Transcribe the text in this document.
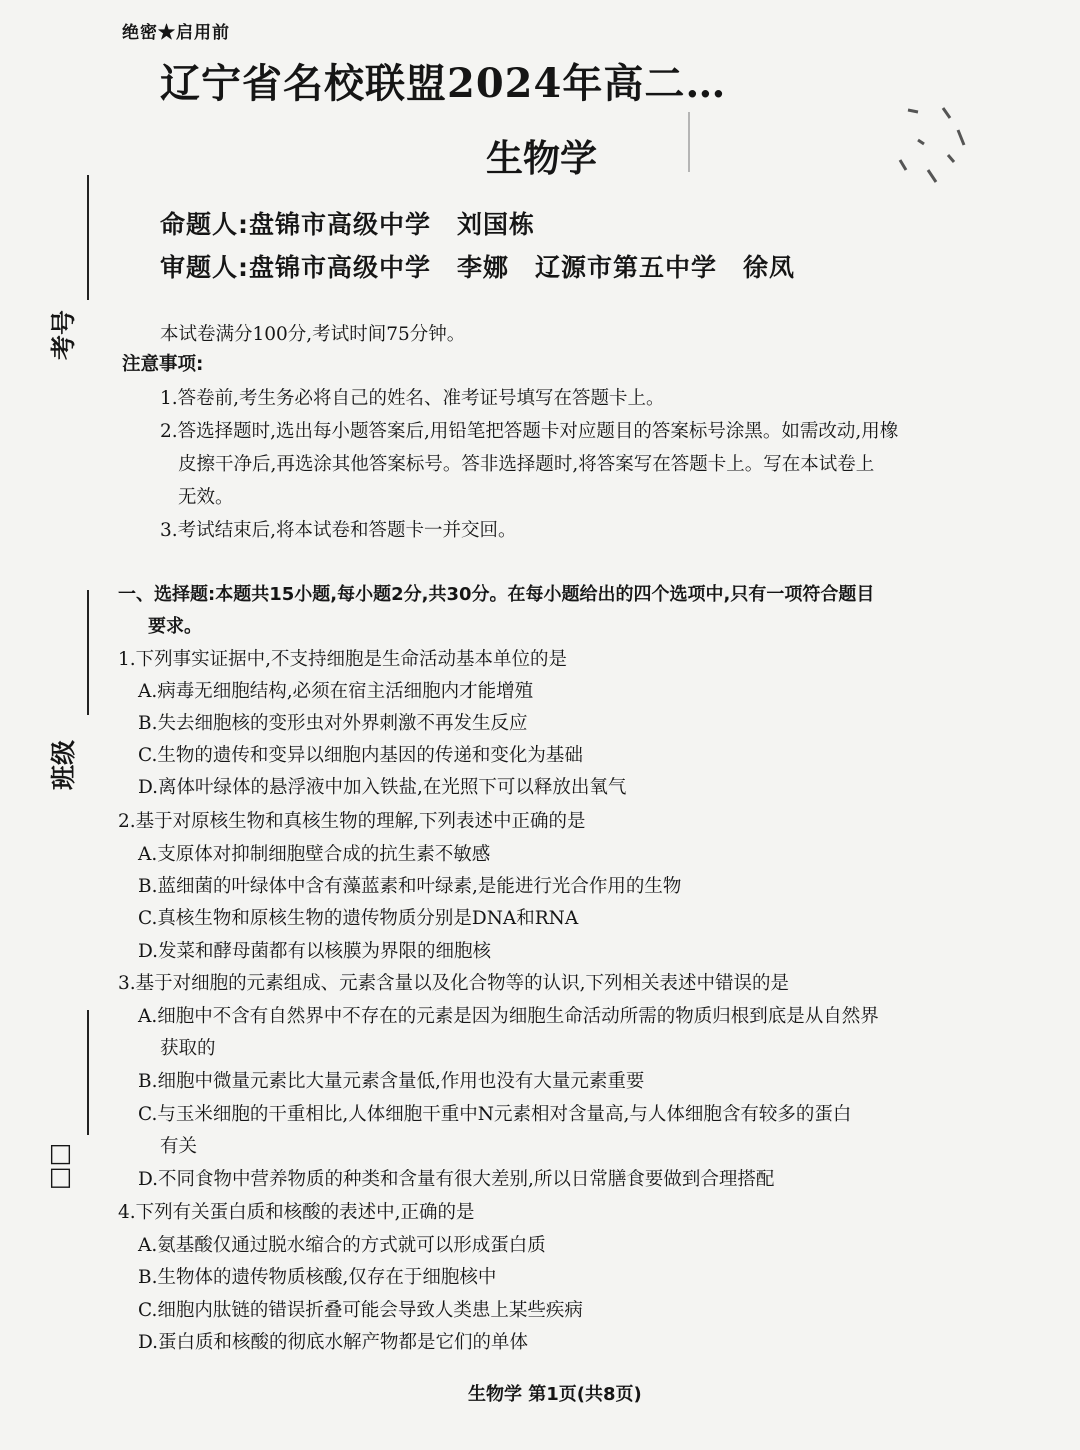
绝密★启用前
辽宁省名校联盟2024年高二…
生物学
命题人:盘锦市高级中学 刘国栋
审题人:盘锦市高级中学 李娜 辽源市第五中学 徐凤
考号
班级
□□
本试卷满分100分,考试时间75分钟。
注意事项:
1.答卷前,考生务必将自己的姓名、准考证号填写在答题卡上。
2.答选择题时,选出每小题答案后,用铅笔把答题卡对应题目的答案标号涂黑。如需改动,用橡
皮擦干净后,再选涂其他答案标号。答非选择题时,将答案写在答题卡上。写在本试卷上
无效。
3.考试结束后,将本试卷和答题卡一并交回。
一、选择题:本题共15小题,每小题2分,共30分。在每小题给出的四个选项中,只有一项符合题目
要求。
1.下列事实证据中,不支持细胞是生命活动基本单位的是
A.病毒无细胞结构,必须在宿主活细胞内才能增殖
B.失去细胞核的变形虫对外界刺激不再发生反应
C.生物的遗传和变异以细胞内基因的传递和变化为基础
D.离体叶绿体的悬浮液中加入铁盐,在光照下可以释放出氧气
2.基于对原核生物和真核生物的理解,下列表述中正确的是
A.支原体对抑制细胞壁合成的抗生素不敏感
B.蓝细菌的叶绿体中含有藻蓝素和叶绿素,是能进行光合作用的生物
C.真核生物和原核生物的遗传物质分别是DNA和RNA
D.发菜和酵母菌都有以核膜为界限的细胞核
3.基于对细胞的元素组成、元素含量以及化合物等的认识,下列相关表述中错误的是
A.细胞中不含有自然界中不存在的元素是因为细胞生命活动所需的物质归根到底是从自然界
获取的
B.细胞中微量元素比大量元素含量低,作用也没有大量元素重要
C.与玉米细胞的干重相比,人体细胞干重中N元素相对含量高,与人体细胞含有较多的蛋白
有关
D.不同食物中营养物质的种类和含量有很大差别,所以日常膳食要做到合理搭配
4.下列有关蛋白质和核酸的表述中,正确的是
A.氨基酸仅通过脱水缩合的方式就可以形成蛋白质
B.生物体的遗传物质核酸,仅存在于细胞核中
C.细胞内肽链的错误折叠可能会导致人类患上某些疾病
D.蛋白质和核酸的彻底水解产物都是它们的单体
生物学 第1页(共8页)
